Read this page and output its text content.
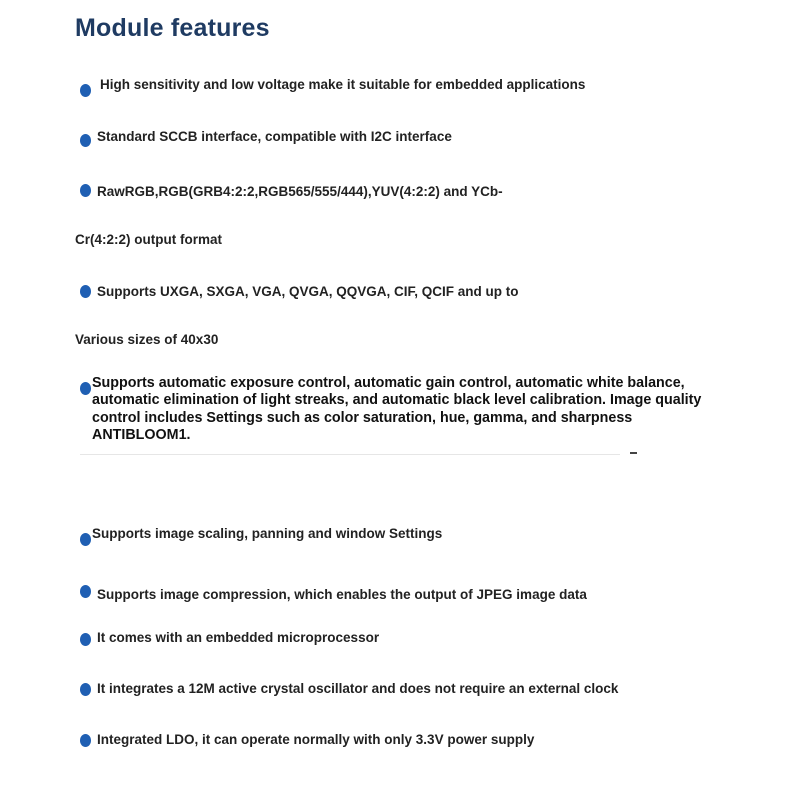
Module features
High sensitivity and low voltage make it suitable for embedded applications
Standard SCCB interface, compatible with I2C interface
RawRGB,RGB(GRB4:2:2,RGB565/555/444),YUV(4:2:2) and YCb-
Cr(4:2:2) output format
Supports UXGA, SXGA, VGA, QVGA, QQVGA, CIF, QCIF and up to
Various sizes of 40x30
Supports automatic exposure control, automatic gain control, automatic white balance, automatic elimination of light streaks, and automatic black level calibration. Image quality control includes Settings such as color saturation, hue, gamma, and sharpness ANTIBLOOM1.
Supports image scaling, panning and window Settings
Supports image compression, which enables the output of JPEG image data
It comes with an embedded microprocessor
It integrates a 12M active crystal oscillator and does not require an external clock
Integrated LDO, it can operate normally with only 3.3V power supply
